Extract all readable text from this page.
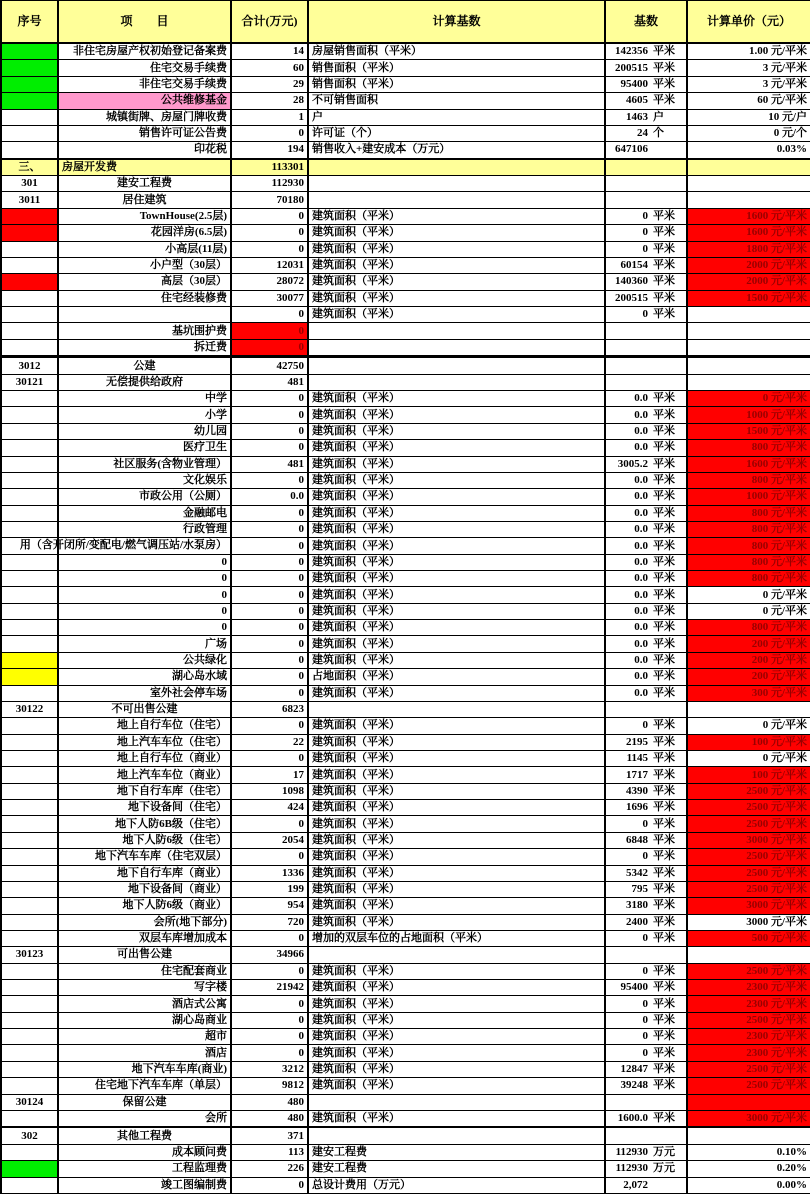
序号	项　　目	合计(万元)	计算基数	基数	计算单价（元）
	非住宅房屋产权初始登记备案费	14	房屋销售面积（平米）	142356 平米	1.00 元/平米
	住宅交易手续费	60	销售面积（平米）	200515 平米	3 元/平米
	非住宅交易手续费	29	销售面积（平米）	95400 平米	3 元/平米
	公共维修基金	28	不可销售面积	4605 平米	60 元/平米
	城镇街牌、房屋门牌收费	1	户	1463 户	10 元/户
	销售许可证公告费	0	许可证（个）	24 个	0 元/个
	印花税	194	销售收入+建安成本（万元）	647106	0.03%

三、	房屋开发费	113301			
301	建安工程费	112930			
3011	居住建筑	70180			
	TownHouse(2.5层)	0	建筑面积（平米）	0 平米	1600 元/平米
	花园洋房(6.5层)	0	建筑面积（平米）	0 平米	1600 元/平米
	小高层(11层)	0	建筑面积（平米）	0 平米	1800 元/平米
	小户型（30层）	12031	建筑面积（平米）	60154 平米	2000 元/平米
	高层（30层）	28072	建筑面积（平米）	140360 平米	2000 元/平米
	住宅经装修费	30077	建筑面积（平米）	200515 平米	1500 元/平米
		0	建筑面积（平米）	0 平米	
	基坑围护费	0			
	拆迁费	0			

3012	公建	42750			
30121	无偿提供给政府	481			
	中学	0	建筑面积（平米）	0.0 平米	0 元/平米
	小学	0	建筑面积（平米）	0.0 平米	1000 元/平米
	幼儿园	0	建筑面积（平米）	0.0 平米	1500 元/平米
	医疗卫生	0	建筑面积（平米）	0.0 平米	800 元/平米
	社区服务(含物业管理）	481	建筑面积（平米）	3005.2 平米	1600 元/平米
	文化娱乐	0	建筑面积（平米）	0.0 平米	800 元/平米
	市政公用（公厕）	0.0	建筑面积（平米）	0.0 平米	1000 元/平米
	金融邮电	0	建筑面积（平米）	0.0 平米	800 元/平米
	行政管理	0	建筑面积（平米）	0.0 平米	800 元/平米

	用（含开闭所/变配电/燃气调压站/水泵房）	0	建筑面积（平米）	0.0 平米	800 元/平米
	0	0	建筑面积（平米）	0.0 平米	800 元/平米
	0	0	建筑面积（平米）	0.0 平米	800 元/平米
	0	0	建筑面积（平米）	0.0 平米	0 元/平米
	0	0	建筑面积（平米）	0.0 平米	0 元/平米
	0	0	建筑面积（平米）	0.0 平米	800 元/平米
	广场	0	建筑面积（平米）	0.0 平米	200 元/平米
	公共绿化	0	建筑面积（平米）	0.0 平米	200 元/平米
	湖心岛水域	0	占地面积（平米）	0.0 平米	200 元/平米
	室外社会停车场	0	建筑面积（平米）	0.0 平米	300 元/平米
30122	不可出售公建	6823			
	地上自行车位（住宅）	0	建筑面积（平米）	0 平米	0 元/平米
	地上汽车车位（住宅）	22	建筑面积（平米）	2195 平米	100 元/平米
	地上自行车位（商业）	0	建筑面积（平米）	1145 平米	0 元/平米
	地上汽车车位（商业）	17	建筑面积（平米）	1717 平米	100 元/平米
	地下自行车库（住宅）	1098	建筑面积（平米）	4390 平米	2500 元/平米
	地下设备间（住宅）	424	建筑面积（平米）	1696 平米	2500 元/平米
	地下人防6B级（住宅）	0	建筑面积（平米）	0 平米	2500 元/平米
	地下人防6级（住宅）	2054	建筑面积（平米）	6848 平米	3000 元/平米
	地下汽车车库（住宅双层）	0	建筑面积（平米）	0 平米	2500 元/平米
	地下自行车库（商业）	1336	建筑面积（平米）	5342 平米	2500 元/平米
	地下设备间（商业）	199	建筑面积（平米）	795 平米	2500 元/平米
	地下人防6级（商业）	954	建筑面积（平米）	3180 平米	3000 元/平米
	会所(地下部分)	720	建筑面积（平米）	2400 平米	3000 元/平米
	双层车库增加成本	0	增加的双层车位的占地面积（平米）	0 平米	500 元/平米
30123	可出售公建	34966			
	住宅配套商业	0	建筑面积（平米）	0 平米	2500 元/平米
	写字楼	21942	建筑面积（平米）	95400 平米	2300 元/平米
	酒店式公寓	0	建筑面积（平米）	0 平米	2300 元/平米
	湖心岛商业	0	建筑面积（平米）	0 平米	2500 元/平米
	超市	0	建筑面积（平米）	0 平米	2300 元/平米
	酒店	0	建筑面积（平米）	0 平米	2300 元/平米
	地下汽车车库(商业)	3212	建筑面积（平米）	12847 平米	2500 元/平米
	住宅地下汽车车库（单层）	9812	建筑面积（平米）	39248 平米	2500 元/平米
30124	保留公建	480			
	会所	480	建筑面积（平米）	1600.0 平米	3000 元/平米

302	其他工程费	371			
	成本顾问费	113	建安工程费	112930 万元	0.10%
	工程监理费	226	建安工程费	112930 万元	0.20%
	竣工图编制费	0	总设计费用（万元）	2,072	0.00%
